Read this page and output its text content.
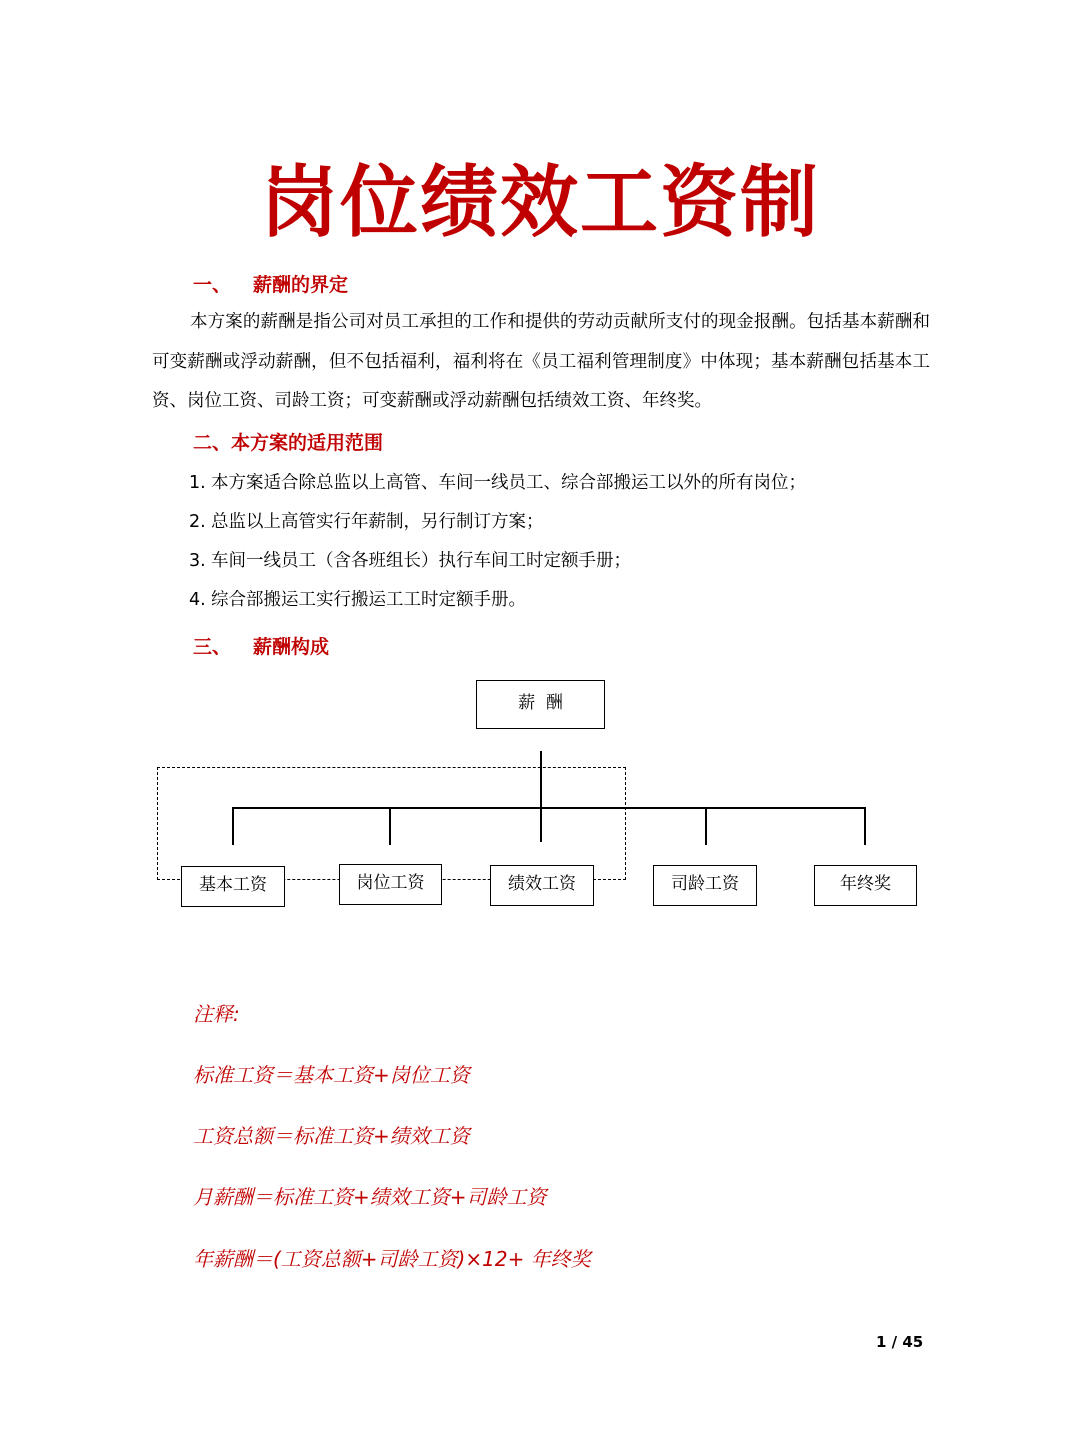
岗位绩效工资制
一、 薪酬的界定
本方案的薪酬是指公司对员工承担的工作和提供的劳动贡献所支付的现金报酬。包括基本薪酬和可变薪酬或浮动薪酬，但不包括福利，福利将在《员工福利管理制度》中体现；基本薪酬包括基本工资、岗位工资、司龄工资；可变薪酬或浮动薪酬包括绩效工资、年终奖。
二、本方案的适用范围
1. 本方案适合除总监以上高管、车间一线员工、综合部搬运工以外的所有岗位；
2. 总监以上高管实行年薪制，另行制订方案；
3. 车间一线员工（含各班组长）执行车间工时定额手册；
4. 综合部搬运工实行搬运工工时定额手册。
三、 薪酬构成
薪  酬
基本工资	岗位工资	绩效工资	司龄工资	年终奖
注释:
标准工资＝基本工资+岗位工资
工资总额＝标准工资+绩效工资
月薪酬＝标准工资+绩效工资+司龄工资
年薪酬＝(工资总额+司龄工资)×12+ 年终奖
1 / 45
